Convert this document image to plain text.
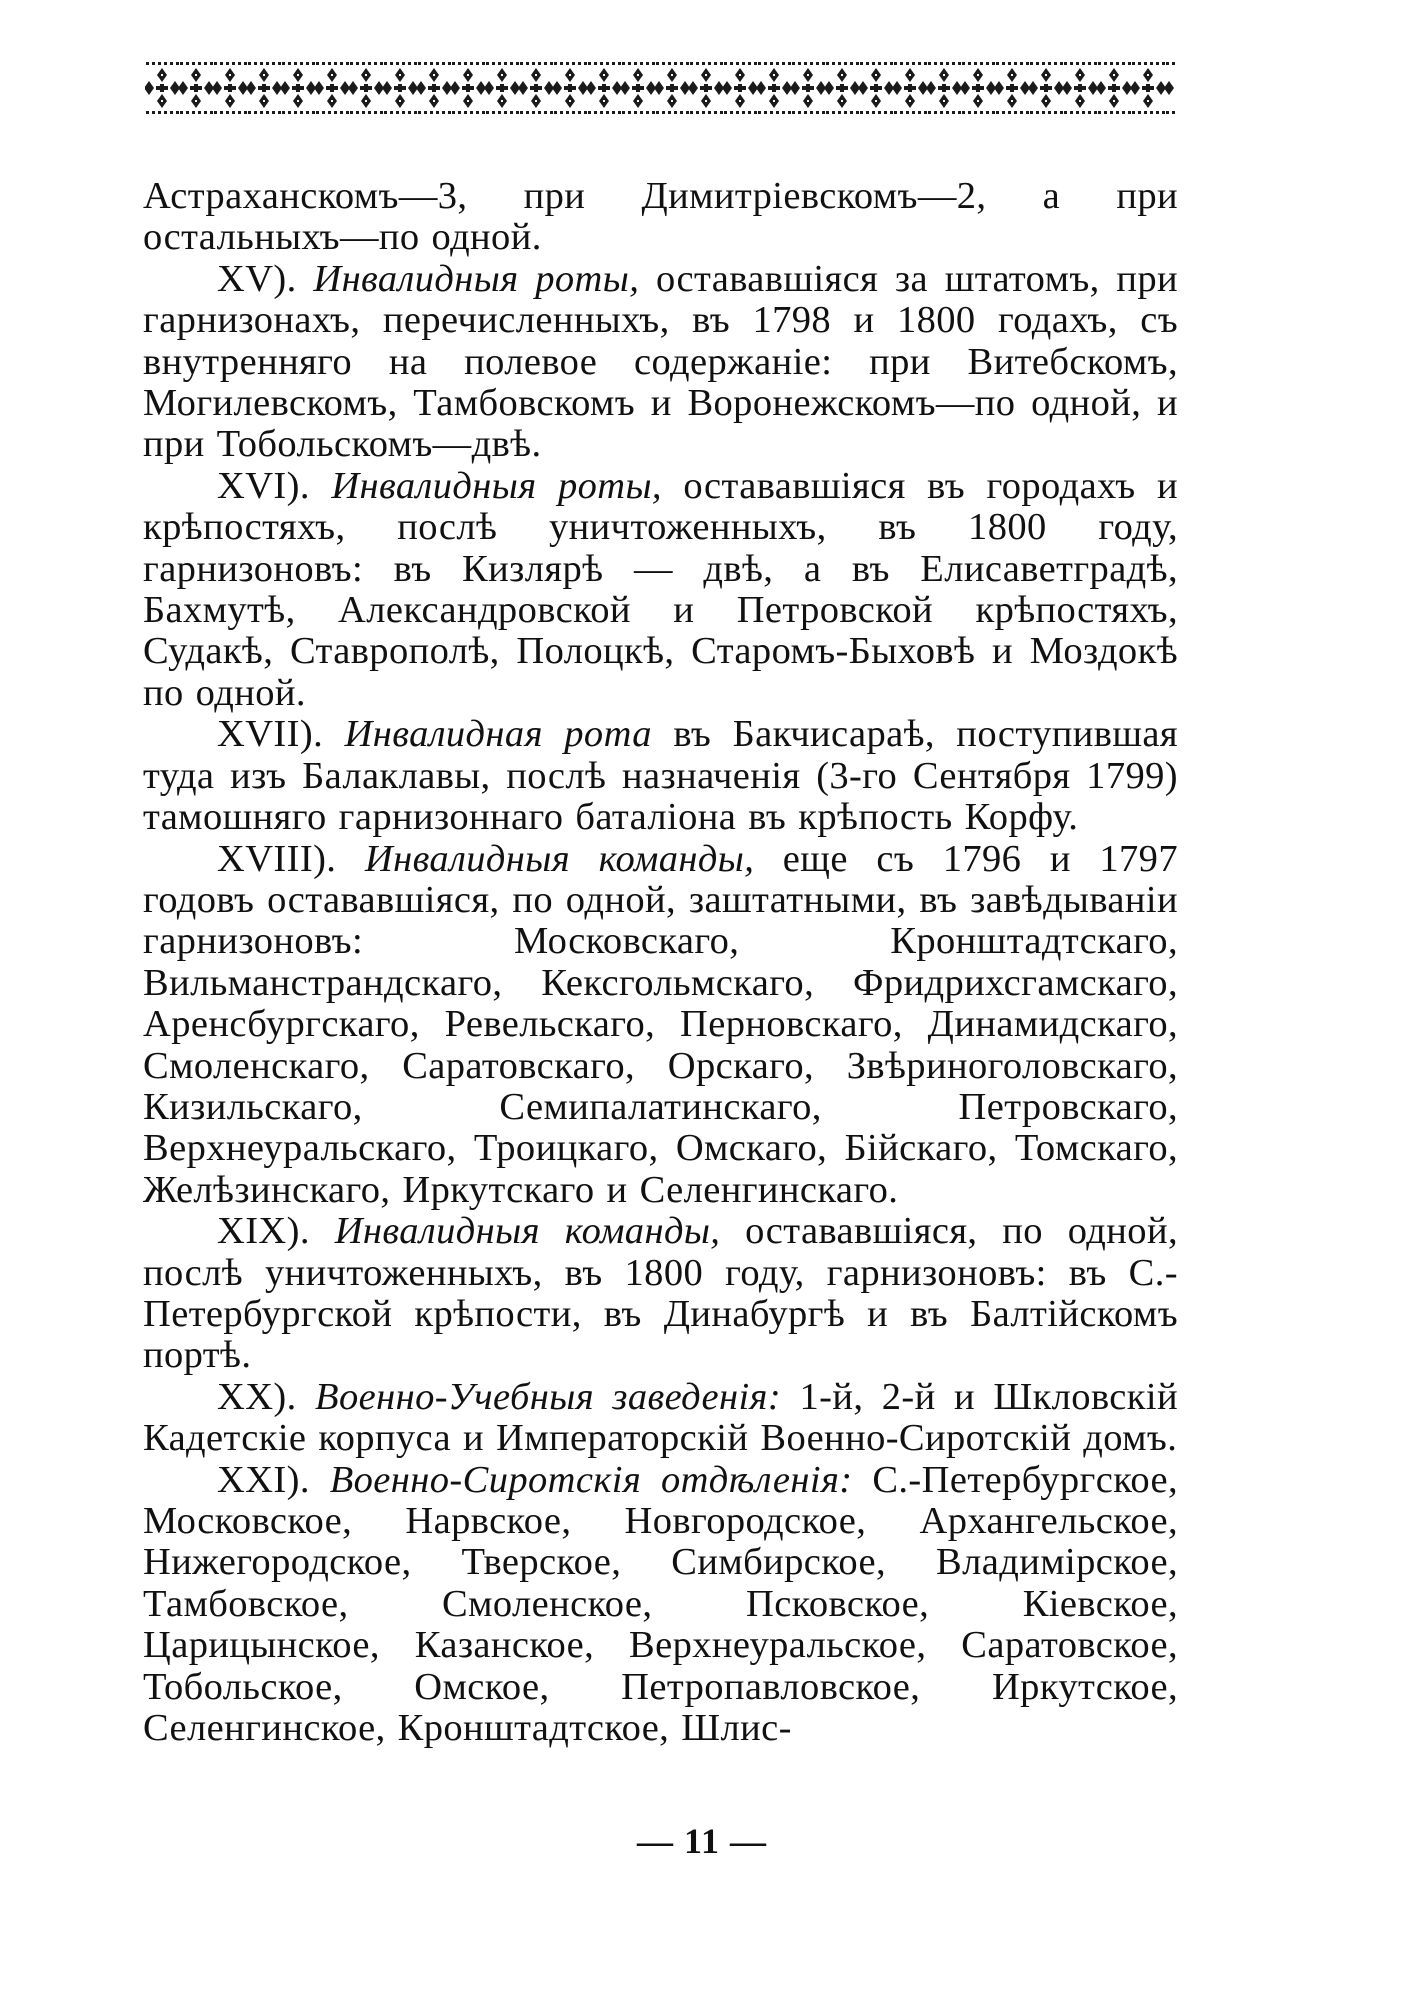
Астраханскомъ—3, при Димитріевскомъ—2, а при остальныхъ—по одной.

XV). Инвалидныя роты, остававшіяся за штатомъ, при гарнизонахъ, перечисленныхъ, въ 1798 и 1800 годахъ, съ внутренняго на полевое содержаніе: при Витебскомъ, Могилевскомъ, Тамбовскомъ и Воронежскомъ—по одной, и при Тобольскомъ—двѣ.

XVI). Инвалидныя роты, остававшіяся въ городахъ и крѣпостяхъ, послѣ уничтоженныхъ, въ 1800 году, гарнизоновъ: въ Кизлярѣ — двѣ, а въ Елисаветградѣ, Бахмутѣ, Александровской и Петровской крѣпостяхъ, Судакѣ, Ставрополѣ, Полоцкѣ, Старомъ-Быховѣ и Моздокѣ по одной.

XVII). Инвалидная рота въ Бакчисараѣ, поступившая туда изъ Балаклавы, послѣ назначенія (3-го Сентября 1799) тамошняго гарнизоннаго баталіона въ крѣпость Корфу.

XVIII). Инвалидныя команды, еще съ 1796 и 1797 годовъ остававшіяся, по одной, заштатными, въ завѣдываніи гарнизоновъ: Московскаго, Кронштадтскаго, Вильманстрандскаго, Кексгольмскаго, Фридрихсгамскаго, Аренсбургскаго, Ревельскаго, Перновскаго, Динамидскаго, Смоленскаго, Саратовскаго, Орскаго, Звѣриноголовскаго, Кизильскаго, Семипалатинскаго, Петровскаго, Верхнеуральскаго, Троицкаго, Омскаго, Бійскаго, Томскаго, Желѣзинскаго, Иркутскаго и Селенгинскаго.

XIX). Инвалидныя команды, остававшіяся, по одной, послѣ уничтоженныхъ, въ 1800 году, гарнизоновъ: въ С.-Петербургской крѣпости, въ Динабургѣ и въ Балтійскомъ портѣ.

XX). Военно-Учебныя заведенія: 1-й, 2-й и Шкловскій Кадетскіе корпуса и Императорскій Военно-Сиротскій домъ.

XXI). Военно-Сиротскія отдѣленія: С.-Петербургское, Московское, Нарвское, Новгородское, Архангельское, Нижегородское, Тверское, Симбирское, Владимірское, Тамбовское, Смоленское, Псковское, Кіевское, Царицынское, Казанское, Верхнеуральское, Саратовское, Тобольское, Омское, Петропавловское, Иркутское, Селенгинское, Кронштадтское, Шлис-

— 11 —
